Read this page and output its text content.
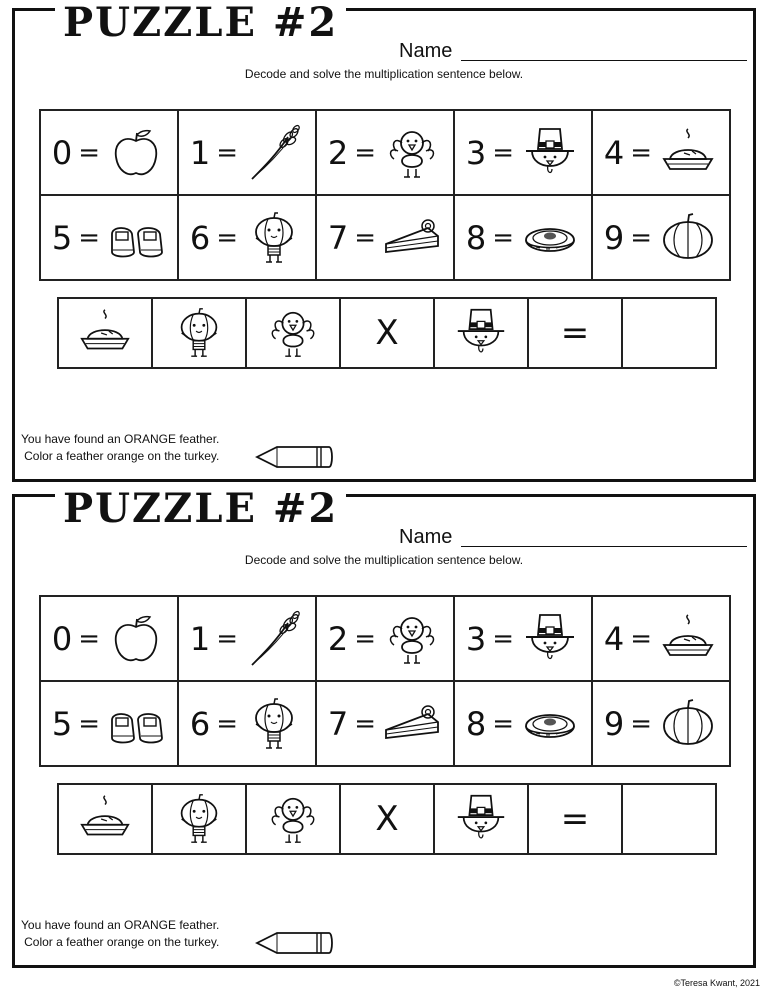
PUZZLE #2
Name
Decode and solve the multiplication sentence below.
0 =	1 =	2 =	3 =	4 =
5 =	6 =	7 =	8 =	9 =
X	=
You have found an ORANGE feather.
Color a feather orange on the turkey.
PUZZLE #2
Name
Decode and solve the multiplication sentence below.
0 =	1 =	2 =	3 =	4 =
5 =	6 =	7 =	8 =	9 =
X	=
You have found an ORANGE feather.
Color a feather orange on the turkey.
©Teresa Kwant, 2021
